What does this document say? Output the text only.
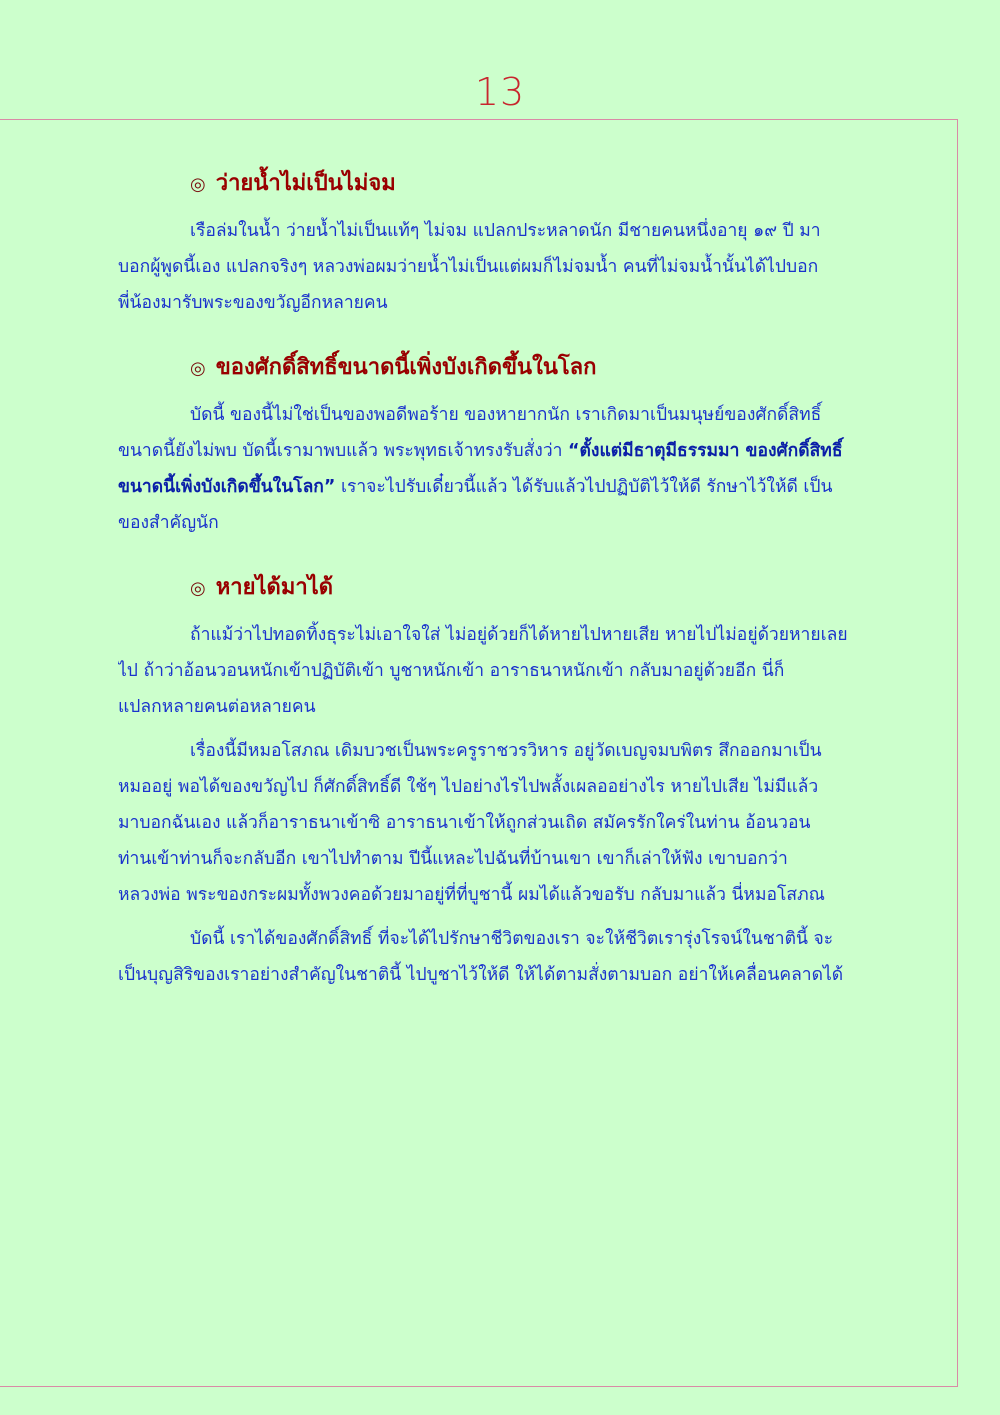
13
◎ ว่ายน้ำไม่เป็นไม่จม

เรือล่มในน้ำ ว่ายน้ำไม่เป็นแท้ๆ ไม่จม แปลกประหลาดนัก มีชายคนหนึ่งอายุ ๑๙ ปี มา
บอกผู้พูดนี้เอง แปลกจริงๆ หลวงพ่อผมว่ายน้ำไม่เป็นแต่ผมก็ไม่จมน้ำ คนที่ไม่จมน้ำนั้นได้ไปบอก
พี่น้องมารับพระของขวัญอีกหลายคน

◎ ของศักดิ์สิทธิ์ขนาดนี้เพิ่งบังเกิดขึ้นในโลก

บัดนี้ ของนี้ไม่ใช่เป็นของพอดีพอร้าย ของหายากนัก เราเกิดมาเป็นมนุษย์ของศักดิ์สิทธิ์
ขนาดนี้ยังไม่พบ บัดนี้เรามาพบแล้ว พระพุทธเจ้าทรงรับสั่งว่า “ตั้งแต่มีธาตุมีธรรมมา ของศักดิ์สิทธิ์
ขนาดนี้เพิ่งบังเกิดขึ้นในโลก” เราจะไปรับเดี๋ยวนี้แล้ว ได้รับแล้วไปปฏิบัติไว้ให้ดี รักษาไว้ให้ดี เป็น
ของสำคัญนัก

◎ หายได้มาได้

ถ้าแม้ว่าไปทอดทิ้งธุระไม่เอาใจใส่ ไม่อยู่ด้วยก็ได้หายไปหายเสีย หายไปไม่อยู่ด้วยหายเลย
ไป ถ้าว่าอ้อนวอนหนักเข้าปฏิบัติเข้า บูชาหนักเข้า อาราธนาหนักเข้า กลับมาอยู่ด้วยอีก นี่ก็
แปลกหลายคนต่อหลายคน

เรื่องนี้มีหมอโสภณ เดิมบวชเป็นพระครูราชวรวิหาร อยู่วัดเบญจมบพิตร สึกออกมาเป็น
หมออยู่ พอได้ของขวัญไป ก็ศักดิ์สิทธิ์ดี ใช้ๆ ไปอย่างไรไปพลั้งเผลออย่างไร หายไปเสีย ไม่มีแล้ว
มาบอกฉันเอง แล้วก็อาราธนาเข้าซิ อาราธนาเข้าให้ถูกส่วนเถิด สมัครรักใคร่ในท่าน อ้อนวอน
ท่านเข้าท่านก็จะกลับอีก เขาไปทำตาม ปีนี้แหละไปฉันที่บ้านเขา เขาก็เล่าให้ฟัง เขาบอกว่า
หลวงพ่อ พระของกระผมทั้งพวงคอด้วยมาอยู่ที่ที่บูชานี้ ผมได้แล้วขอรับ กลับมาแล้ว นี่หมอโสภณ

บัดนี้ เราได้ของศักดิ์สิทธิ์ ที่จะได้ไปรักษาชีวิตของเรา จะให้ชีวิตเรารุ่งโรจน์ในชาตินี้ จะ
เป็นบุญสิริของเราอย่างสำคัญในชาตินี้ ไปบูชาไว้ให้ดี ให้ได้ตามสั่งตามบอก อย่าให้เคลื่อนคลาดได้
